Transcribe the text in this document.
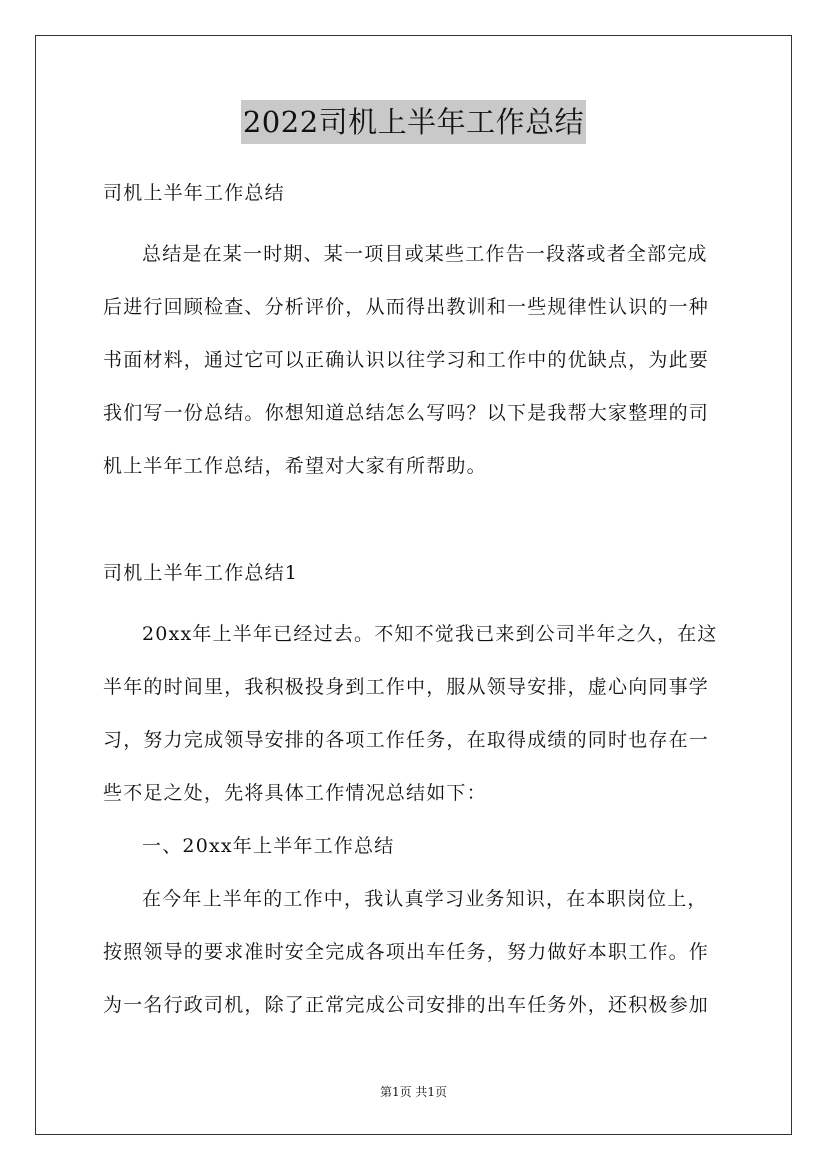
2022司机上半年工作总结
司机上半年工作总结
总结是在某一时期、某一项目或某些工作告一段落或者全部完成
后进行回顾检查、分析评价，从而得出教训和一些规律性认识的一种
书面材料，通过它可以正确认识以往学习和工作中的优缺点，为此要
我们写一份总结。你想知道总结怎么写吗？以下是我帮大家整理的司
机上半年工作总结，希望对大家有所帮助。
司机上半年工作总结1
20xx年上半年已经过去。不知不觉我已来到公司半年之久，在这
半年的时间里，我积极投身到工作中，服从领导安排，虚心向同事学
习，努力完成领导安排的各项工作任务，在取得成绩的同时也存在一
些不足之处，先将具体工作情况总结如下：
一、20xx年上半年工作总结
在今年上半年的工作中，我认真学习业务知识，在本职岗位上，
按照领导的要求准时安全完成各项出车任务，努力做好本职工作。作
为一名行政司机，除了正常完成公司安排的出车任务外，还积极参加
第1页 共1页
